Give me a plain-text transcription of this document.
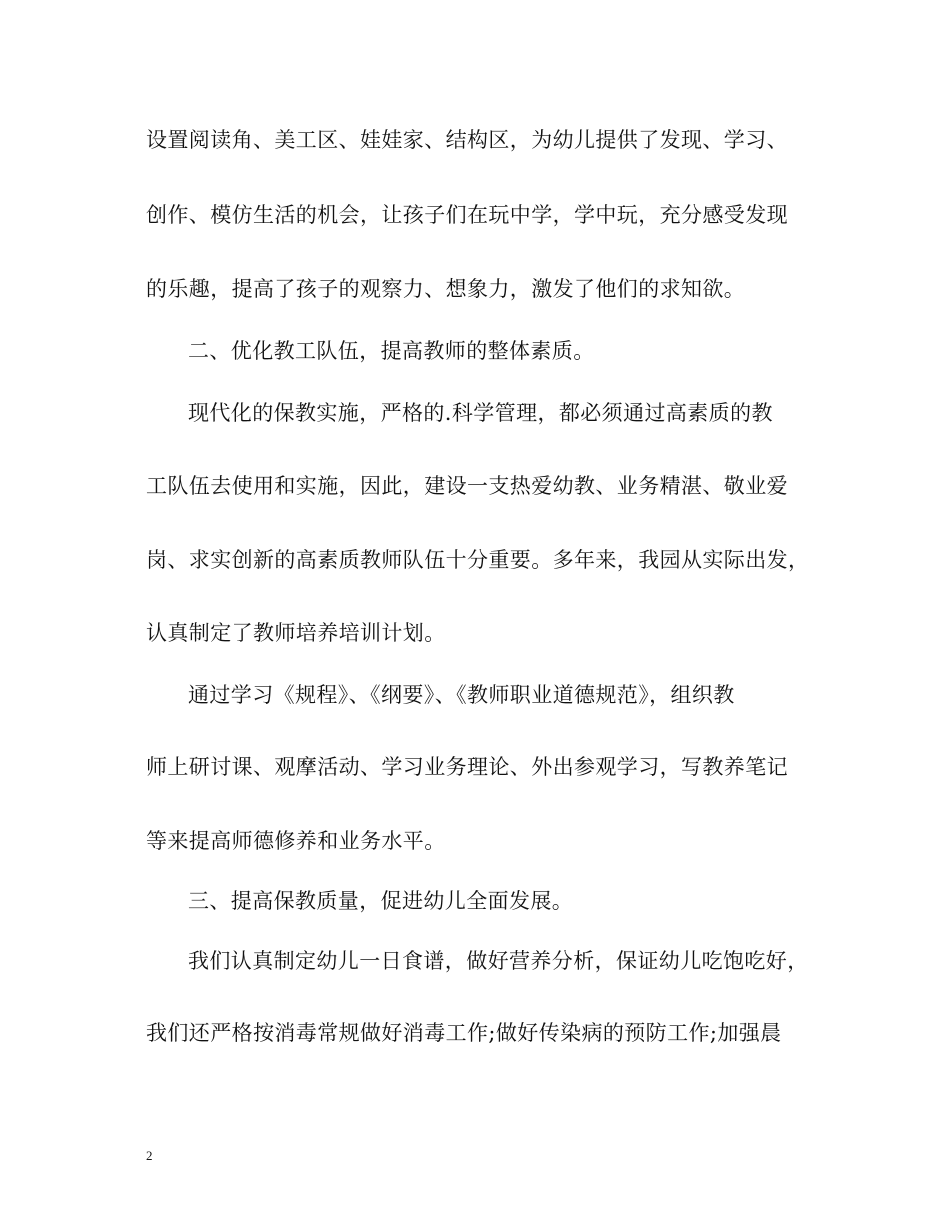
设置阅读角、美工区、娃娃家、结构区，为幼儿提供了发现、学习、
创作、模仿生活的机会，让孩子们在玩中学，学中玩，充分感受发现
的乐趣，提高了孩子的观察力、想象力，激发了他们的求知欲。
二、优化教工队伍，提高教师的整体素质。
现代化的保教实施，严格的.科学管理，都必须通过高素质的教
工队伍去使用和实施，因此，建设一支热爱幼教、业务精湛、敬业爱
岗、求实创新的高素质教师队伍十分重要。多年来，我园从实际出发，
认真制定了教师培养培训计划。
通过学习《规程》、《纲要》、《教师职业道德规范》，组织教
师上研讨课、观摩活动、学习业务理论、外出参观学习，写教养笔记
等来提高师德修养和业务水平。
三、提高保教质量，促进幼儿全面发展。
我们认真制定幼儿一日食谱，做好营养分析，保证幼儿吃饱吃好，
我们还严格按消毒常规做好消毒工作;做好传染病的预防工作;加强晨
2
